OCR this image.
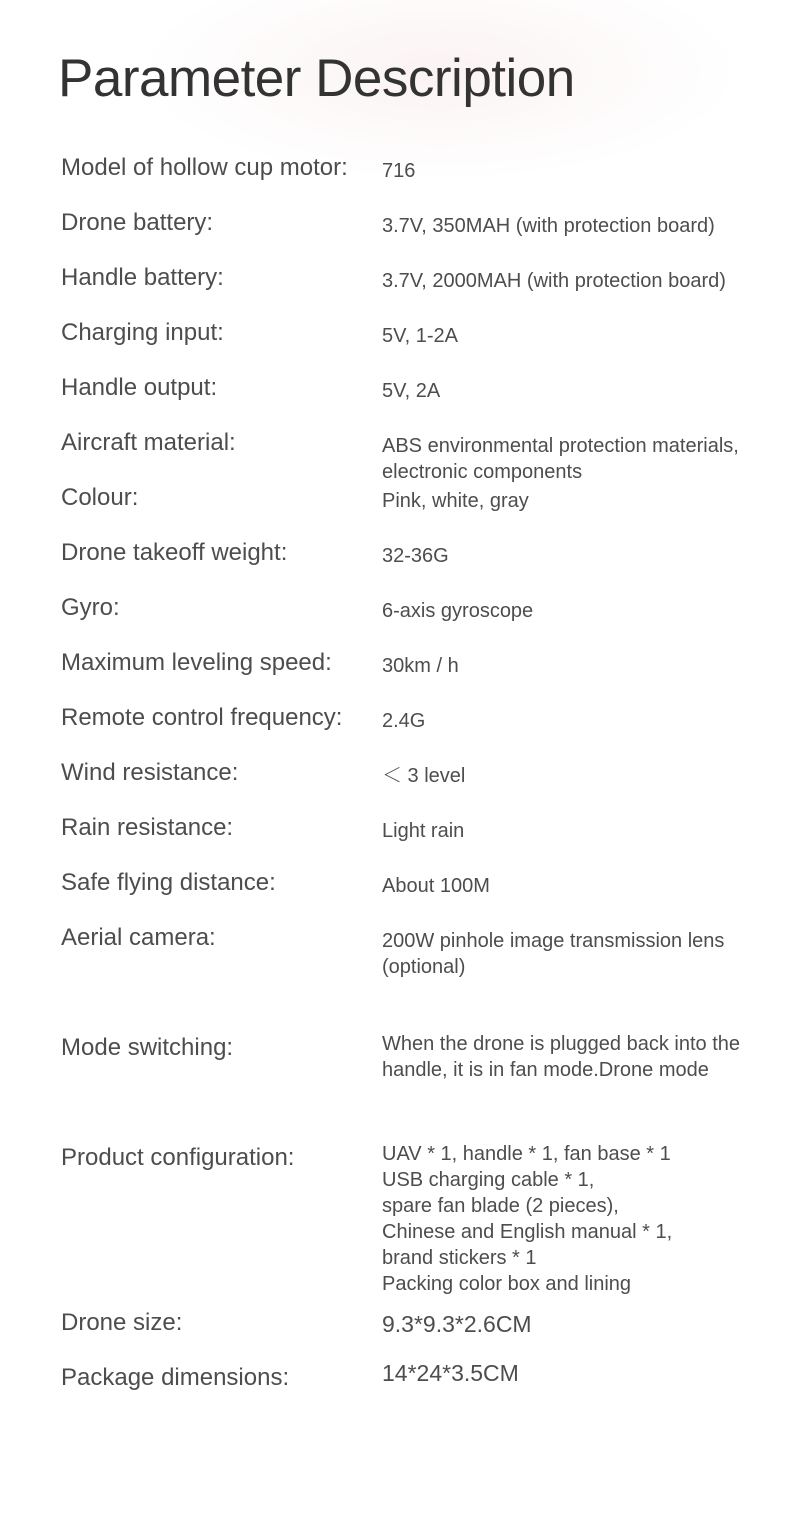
Parameter Description
Model of hollow cup motor: 716
Drone battery:	3.7V, 350MAH (with protection board)
Handle battery:	3.7V, 2000MAH (with protection board)
Charging input:	5V, 1-2A
Handle output:	5V, 2A
Aircraft material:	ABS environmental protection materials,
electronic components
Colour:	Pink, white, gray
Drone takeoff weight:	32-36G
Gyro:	6-axis gyroscope
Maximum leveling speed:	30km / h
Remote control frequency: 2.4G
Wind resistance:	＜ 3 level
Rain resistance:	Light rain
Safe flying distance:	About 100M
Aerial camera:	200W pinhole image transmission lens
(optional)
Mode switching:	When the drone is plugged back into the
handle, it is in fan mode.Drone mode
Product configuration:	UAV * 1, handle * 1, fan base * 1
USB charging cable * 1,
spare fan blade (2 pieces),
Chinese and English manual * 1,
brand stickers * 1
Packing color box and lining
Drone size:	9.3*9.3*2.6CM
Package dimensions:	14*24*3.5CM
